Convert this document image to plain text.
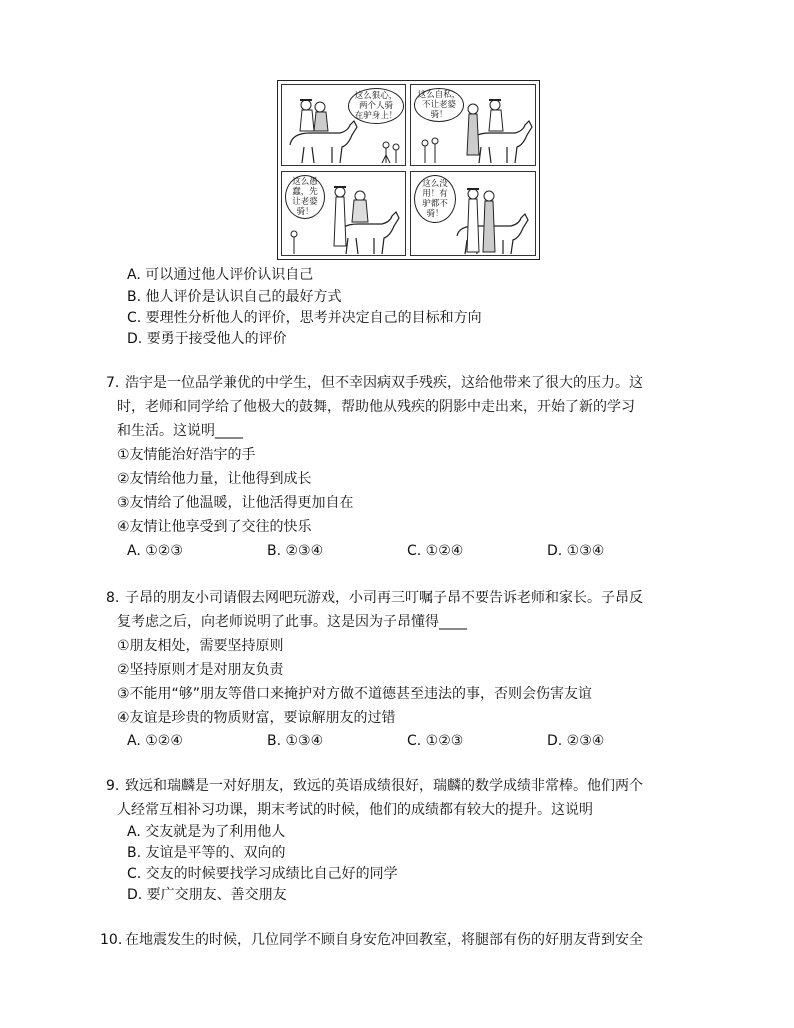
这么狠心，
两个人骑
在驴身上！
这么自私，
不让老婆
骑！
这么愚
蠢，先
让老婆
骑！
这么没
用！有
驴都不
骑！
A. 可以通过他人评价认识自己
B. 他人评价是认识自己的最好方式
C. 要理性分析他人的评价，思考并决定自己的目标和方向
D. 要勇于接受他人的评价
7. 浩宇是一位品学兼优的中学生，但不幸因病双手残疾，这给他带来了很大的压力。这
时，老师和同学给了他极大的鼓舞，帮助他从残疾的阴影中走出来，开始了新的学习
和生活。这说明____
①友情能治好浩宇的手
②友情给他力量，让他得到成长
③友情给了他温暖，让他活得更加自在
④友情让他享受到了交往的快乐
A. ①②③	B. ②③④	C. ①②④	D. ①③④
8. 子昂的朋友小司请假去网吧玩游戏，小司再三叮嘱子昂不要告诉老师和家长。子昂反
复考虑之后，向老师说明了此事。这是因为子昂懂得____
①朋友相处，需要坚持原则
②坚持原则才是对朋友负责
③不能用“够”朋友等借口来掩护对方做不道德甚至违法的事，否则会伤害友谊
④友谊是珍贵的物质财富，要谅解朋友的过错
A. ①②④	B. ①③④	C. ①②③	D. ②③④
9. 致远和瑞麟是一对好朋友，致远的英语成绩很好，瑞麟的数学成绩非常棒。他们两个
人经常互相补习功课，期末考试的时候，他们的成绩都有较大的提升。这说明
A. 交友就是为了利用他人
B. 友谊是平等的、双向的
C. 交友的时候要找学习成绩比自己好的同学
D. 要广交朋友、善交朋友
10. 在地震发生的时候，几位同学不顾自身安危冲回教室，将腿部有伤的好朋友背到安全
